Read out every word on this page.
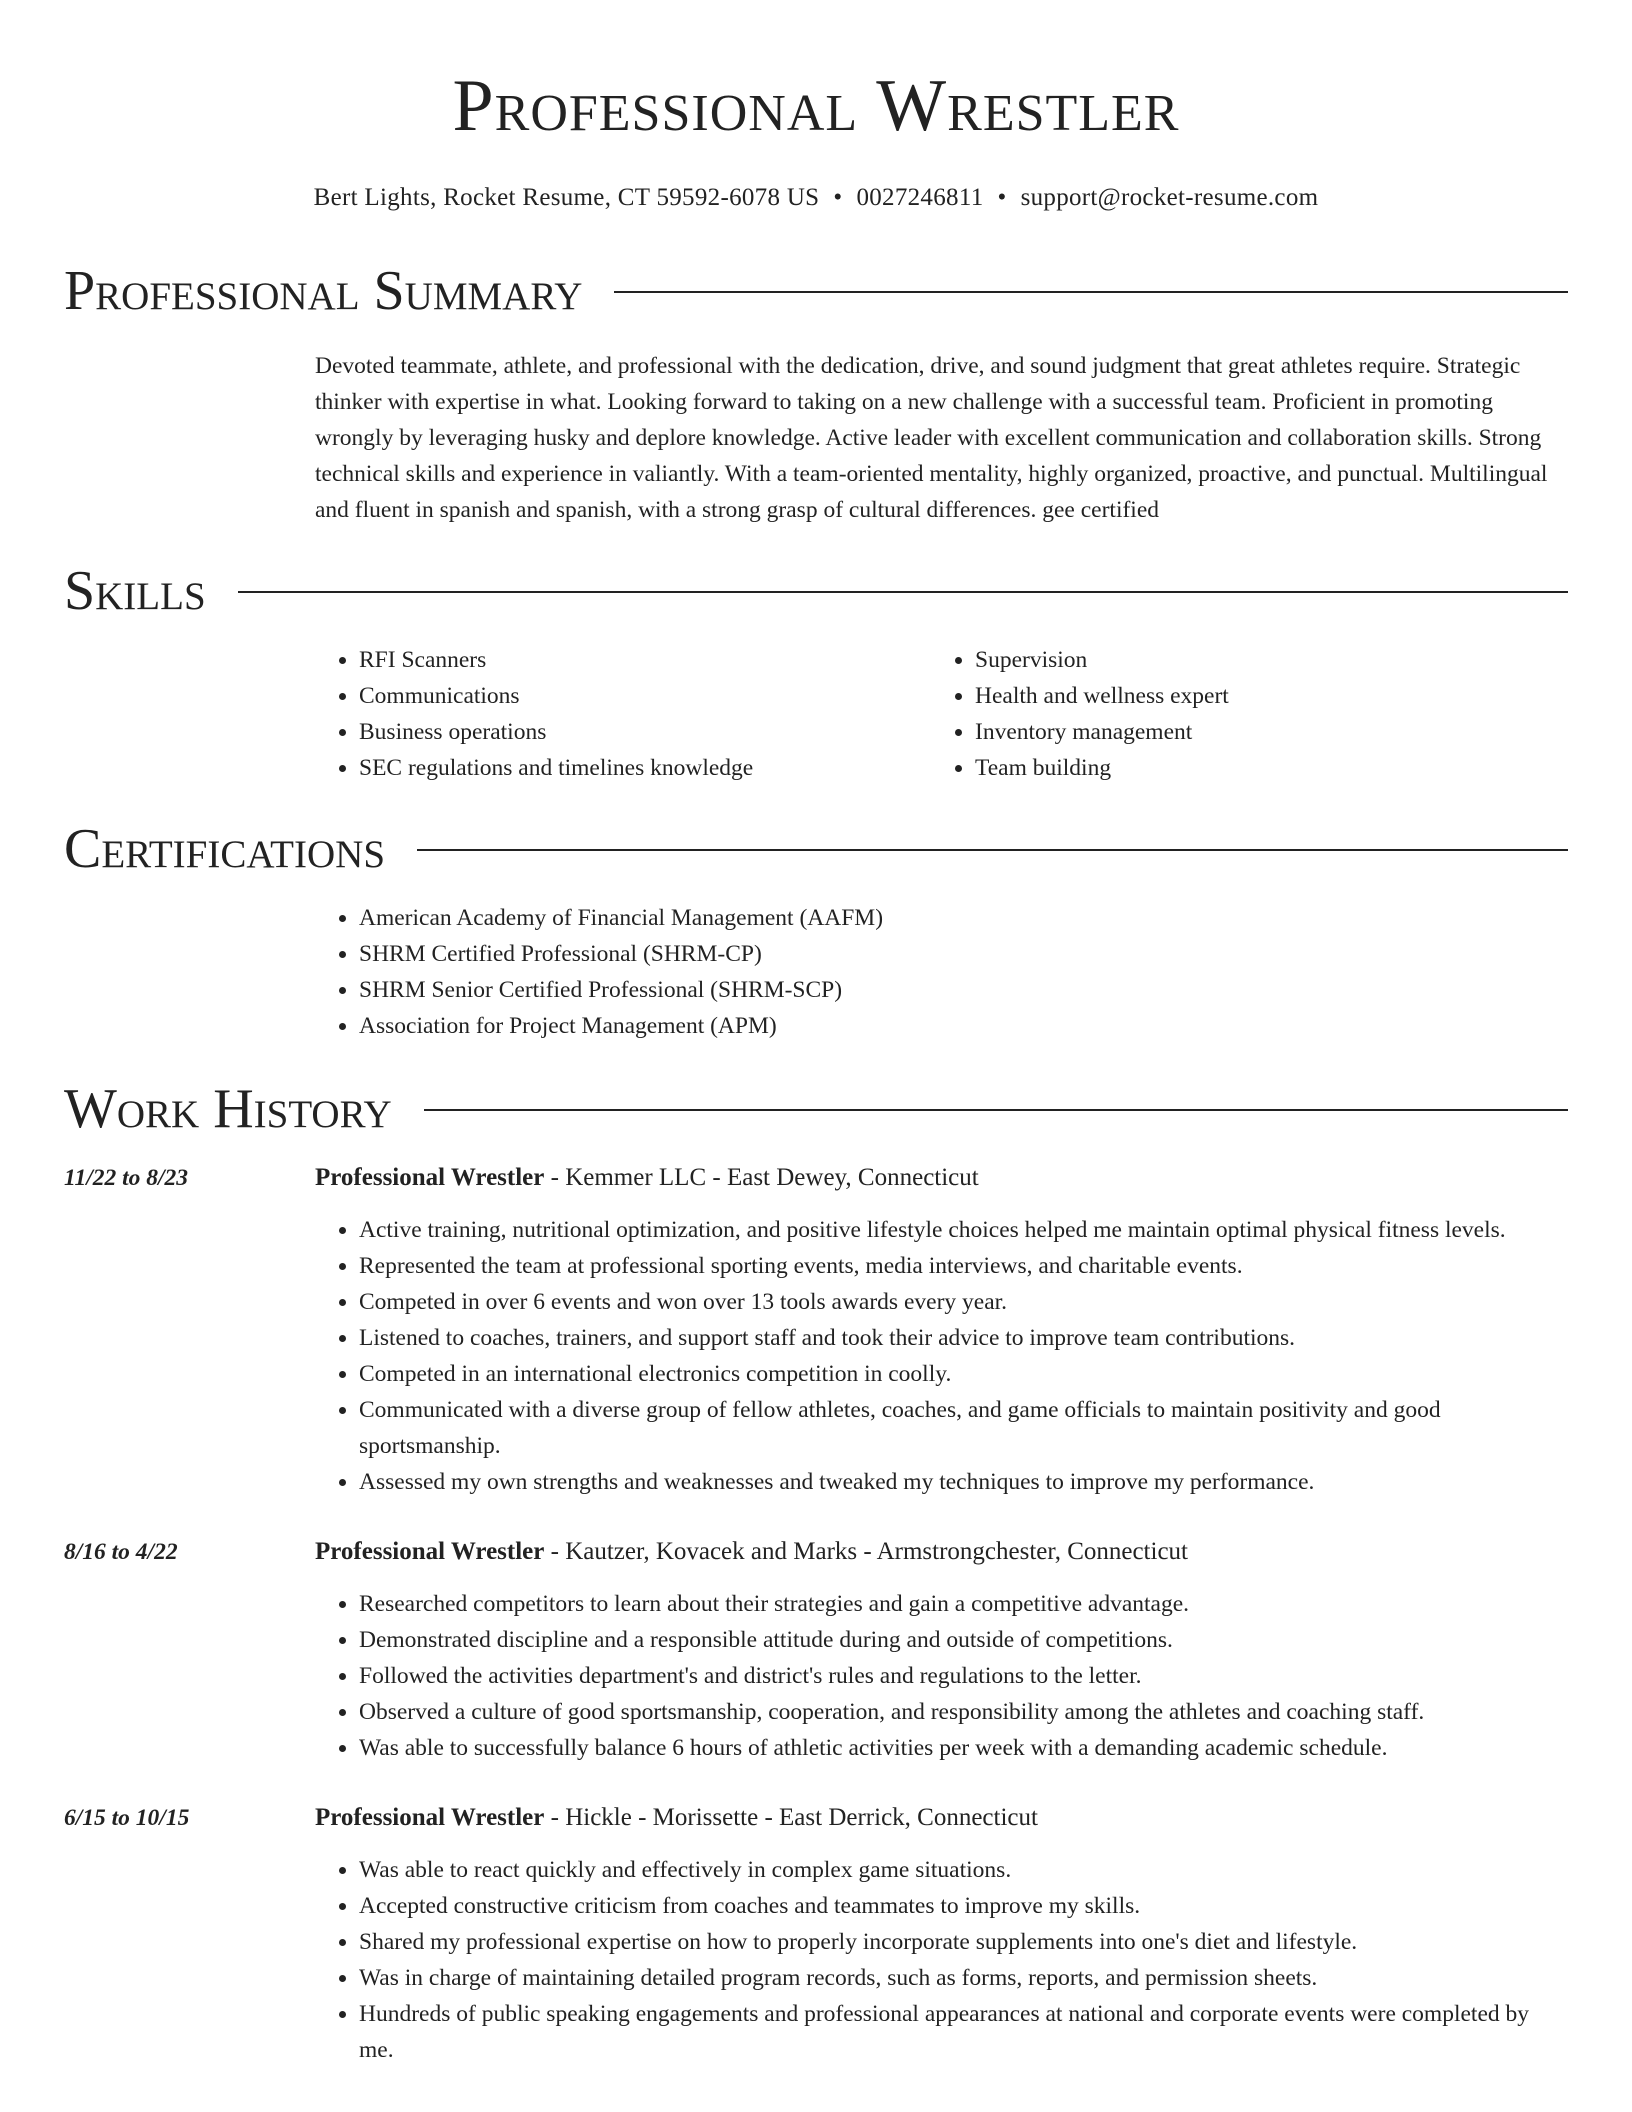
Professional Wrestler
Bert Lights, Rocket Resume, CT 59592-6078 US • 0027246811 • support@rocket-resume.com
Professional Summary

Devoted teammate, athlete, and professional with the dedication, drive, and sound judgment that great athletes require. Strategic thinker with expertise in what. Looking forward to taking on a new challenge with a successful team. Proficient in promoting wrongly by leveraging husky and deplore knowledge. Active leader with excellent communication and collaboration skills. Strong technical skills and experience in valiantly. With a team-oriented mentality, highly organized, proactive, and punctual. Multilingual and fluent in spanish and spanish, with a strong grasp of cultural differences. gee certified

Skills
• RFI Scanners
• Communications
• Business operations
• SEC regulations and timelines knowledge
• Supervision
• Health and wellness expert
• Inventory management
• Team building
Certifications
• American Academy of Financial Management (AAFM)
• SHRM Certified Professional (SHRM-CP)
• SHRM Senior Certified Professional (SHRM-SCP)
• Association for Project Management (APM)
Work History
11/22 to 8/23	Professional Wrestler - Kemmer LLC - East Dewey, Connecticut
• Active training, nutritional optimization, and positive lifestyle choices helped me maintain optimal physical fitness levels.
• Represented the team at professional sporting events, media interviews, and charitable events.
• Competed in over 6 events and won over 13 tools awards every year.
• Listened to coaches, trainers, and support staff and took their advice to improve team contributions.
• Competed in an international electronics competition in coolly.
• Communicated with a diverse group of fellow athletes, coaches, and game officials to maintain positivity and good sportsmanship.
• Assessed my own strengths and weaknesses and tweaked my techniques to improve my performance.
8/16 to 4/22	Professional Wrestler - Kautzer, Kovacek and Marks - Armstrongchester, Connecticut
• Researched competitors to learn about their strategies and gain a competitive advantage.
• Demonstrated discipline and a responsible attitude during and outside of competitions.
• Followed the activities department's and district's rules and regulations to the letter.
• Observed a culture of good sportsmanship, cooperation, and responsibility among the athletes and coaching staff.
• Was able to successfully balance 6 hours of athletic activities per week with a demanding academic schedule.
6/15 to 10/15	Professional Wrestler - Hickle - Morissette - East Derrick, Connecticut
• Was able to react quickly and effectively in complex game situations.
• Accepted constructive criticism from coaches and teammates to improve my skills.
• Shared my professional expertise on how to properly incorporate supplements into one's diet and lifestyle.
• Was in charge of maintaining detailed program records, such as forms, reports, and permission sheets.
• Hundreds of public speaking engagements and professional appearances at national and corporate events were completed by me.
